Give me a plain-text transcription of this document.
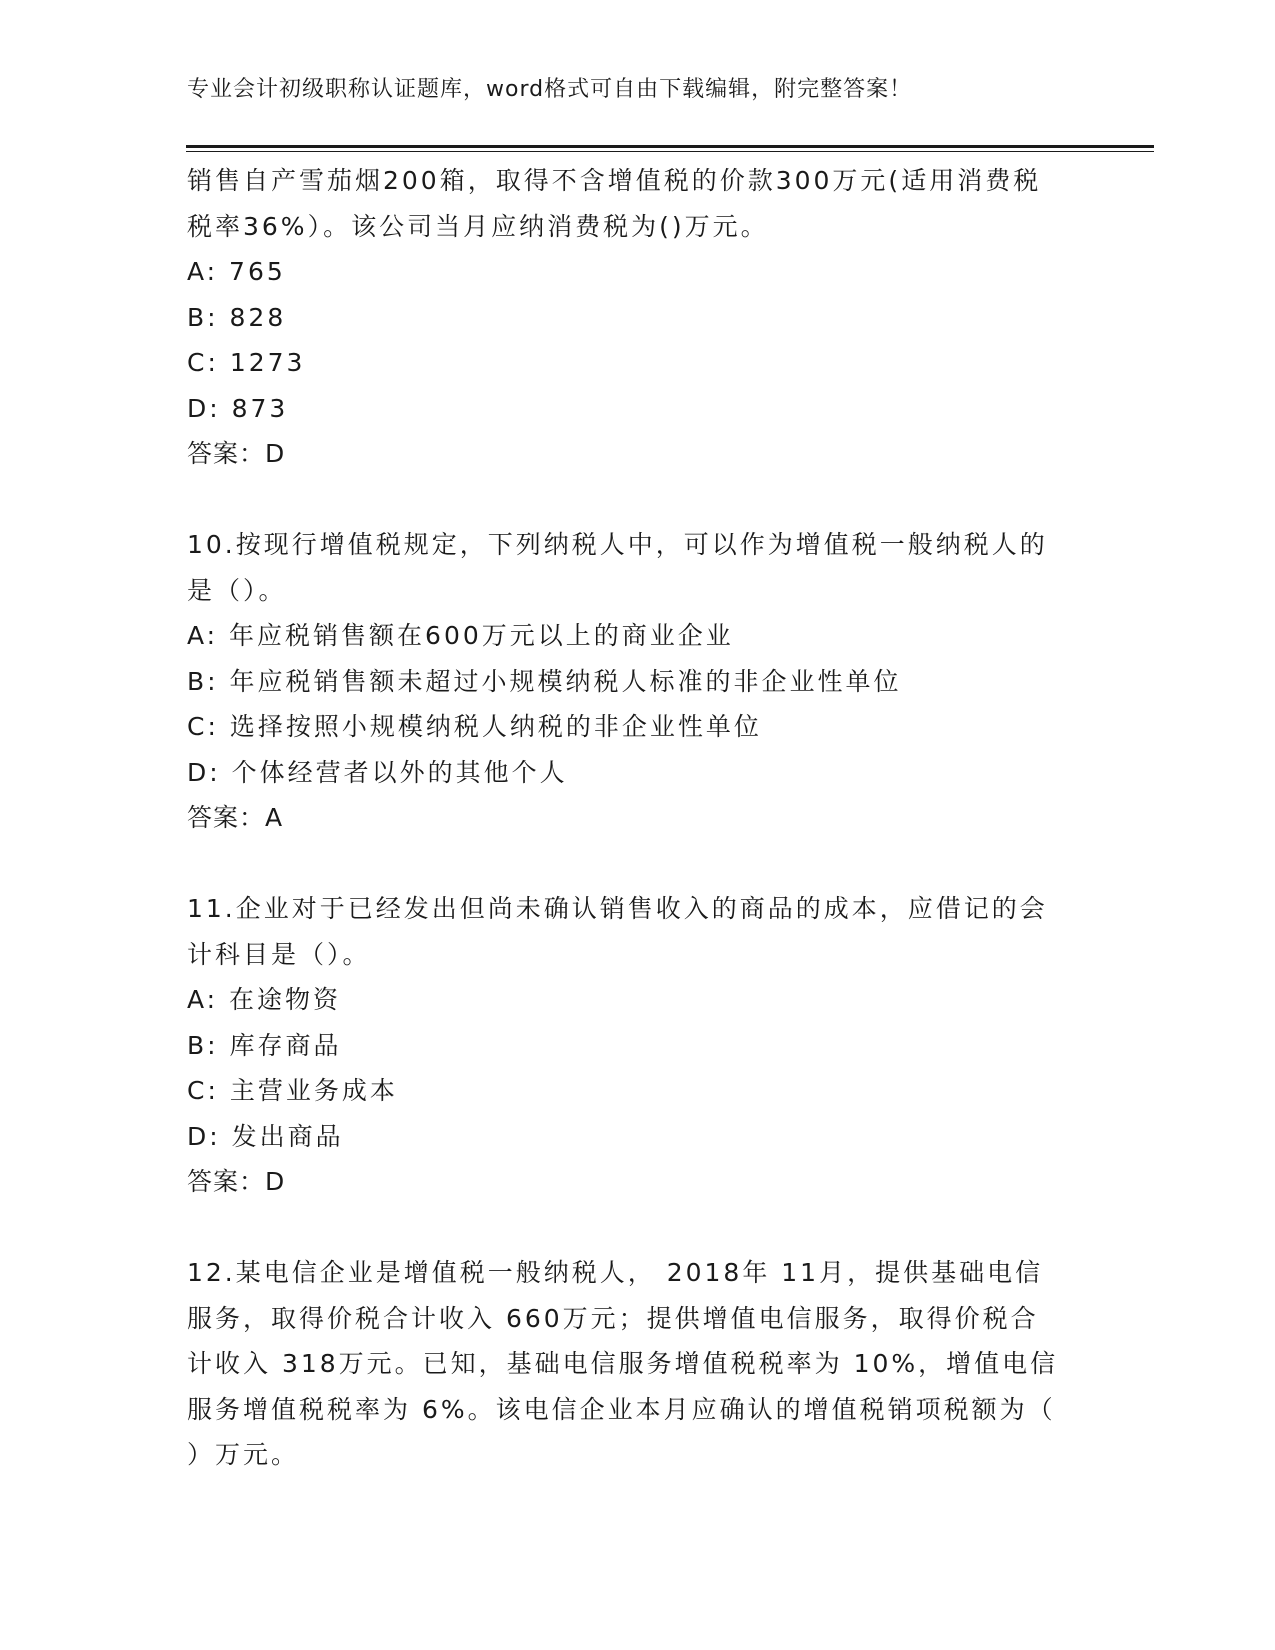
专业会计初级职称认证题库，word格式可自由下载编辑，附完整答案！
销售自产雪茄烟200箱，取得不含增值税的价款300万元(适用消费税
税率36%）。该公司当月应纳消费税为()万元。
A: 765
B: 828
C: 1273
D: 873
答案：D
10.按现行增值税规定，下列纳税人中，可以作为增值税一般纳税人的
是（）。
A: 年应税销售额在600万元以上的商业企业
B: 年应税销售额未超过小规模纳税人标准的非企业性单位
C: 选择按照小规模纳税人纳税的非企业性单位
D: 个体经营者以外的其他个人
答案：A
11.企业对于已经发出但尚未确认销售收入的商品的成本，应借记的会
计科目是（）。
A: 在途物资
B: 库存商品
C: 主营业务成本
D: 发出商品
答案：D
12.某电信企业是增值税一般纳税人， 2018年 11月，提供基础电信
服务，取得价税合计收入 660万元；提供增值电信服务，取得价税合
计收入 318万元。已知，基础电信服务增值税税率为 10%，增值电信
服务增值税税率为 6%。该电信企业本月应确认的增值税销项税额为（
）万元。
